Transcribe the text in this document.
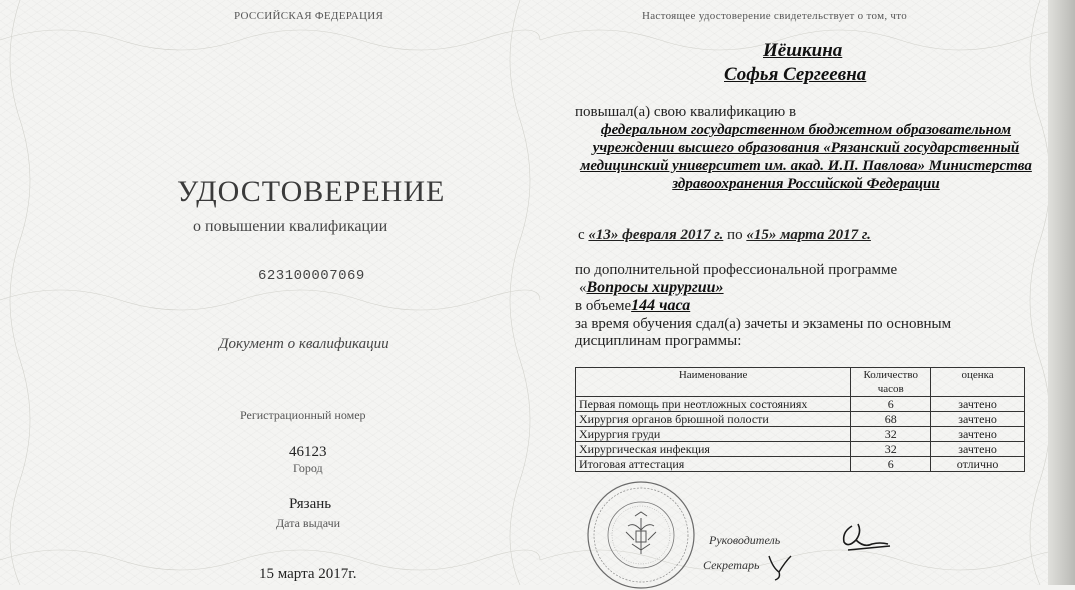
РОССИЙСКАЯ ФЕДЕРАЦИЯ
УДОСТОВЕРЕНИЕ
о повышении квалификации
623100007069
Документ о квалификации
Регистрационный номер
46123
Город
Рязань
Дата выдачи
15 марта 2017г.
Настоящее удостоверение свидетельствует о том, что
Иёшкина
Софья Сергеевна
повышал(а) свою квалификацию в
федеральном государственном бюджетном образовательном учреждении высшего образования «Рязанский государственный медицинский университет им. акад. И.П. Павлова» Министерства здравоохранения Российской Федерации
с «13» февраля 2017 г. по «15» марта 2017 г.
по дополнительной профессиональной программе
«Вопросы хирургии»
в объеме144 часа
за время обучения сдал(а) зачеты и экзамены по основным
дисциплинам программы:
Наименование	Количество часов	оценка
Первая помощь при неотложных состояниях	6	зачтено
Хирургия органов брюшной полости	68	зачтено
Хирургия груди	32	зачтено
Хирургическая инфекция	32	зачтено
Итоговая аттестация	6	отлично
Руководитель
Секретарь
